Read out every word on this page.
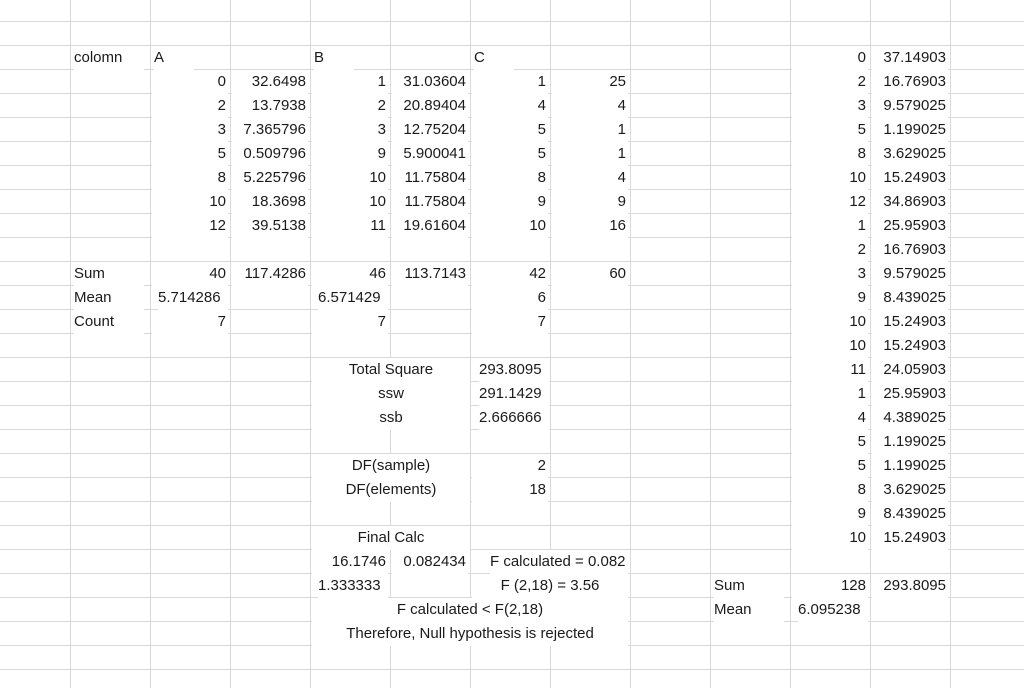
colomn	A	B	C
0	32.6498	1	31.03604	1	25
2	13.7938	2	20.89404	4	4
3	7.365796	3	12.75204	5	1
5	0.509796	9	5.900041	5	1
8	5.225796	10	11.75804	8	4
10	18.3698	10	11.75804	9	9
12	39.5138	11	19.61604	10	16
Sum	40	117.4286	46	113.7143	42	60
Mean	5.714286	6.571429	6
Count	7	7	7
Total Square	293.8095
ssw	291.1429
ssb	2.666666
DF(sample)	2
DF(elements)	18
Final Calc
16.1746	0.082434 F calculated = 0.082
1.333333	F (2,18) = 3.56
F calculated < F(2,18)
Therefore, Null hypothesis is rejected
0	37.14903
2	16.76903
3	9.579025
5	1.199025
8	3.629025
10	15.24903
12	34.86903
1	25.95903
2	16.76903
3	9.579025
9	8.439025
10	15.24903
10	15.24903
11	24.05903
1	25.95903
4	4.389025
5	1.199025
5	1.199025
8	3.629025
9	8.439025
10	15.24903
Sum	128	293.8095
Mean	6.095238
